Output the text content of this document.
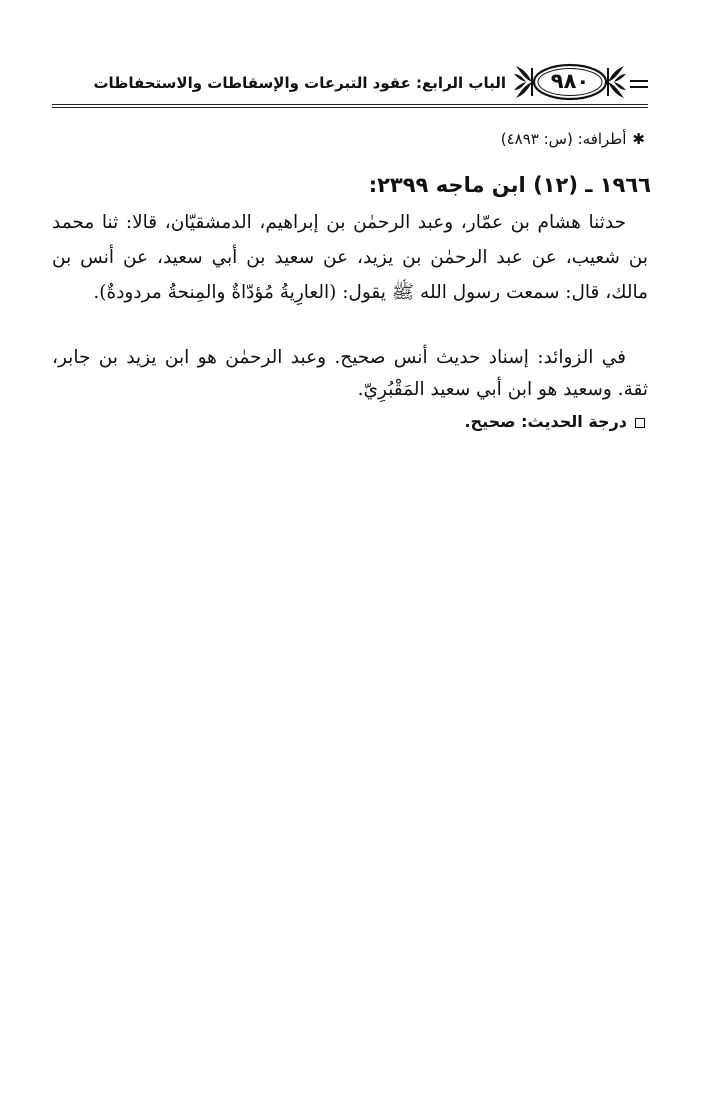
الباب الرابع: عقود التبرعات والإسقاطات والاستحفاظات	٩٨٠
✱أطرافه: (س: ٤٨٩٣)
١٩٦٦ ـ (١٢) ابن ماجه ٢٣٩٩:
حدثنا هشام بن عمّار، وعبد الرحمٰن بن إبراهيم، الدمشقيّان، قالا: ثنا محمد بن شعيب، عن عبد الرحمٰن بن يزيد، عن سعيد بن أبي سعيد، عن أنس بن مالك، قال: سمعت رسول الله ﷺ يقول: (العارِيةُ مُؤدّاةٌ والمِنحةُ مردودةٌ).

في الزوائد: إسناد حديث أنس صحيح. وعبد الرحمٰن هو ابن يزيد بن جابر، ثقة. وسعيد هو ابن أبي سعيد المَقْبُرِيّ.

درجة الحديث: صحيح.
